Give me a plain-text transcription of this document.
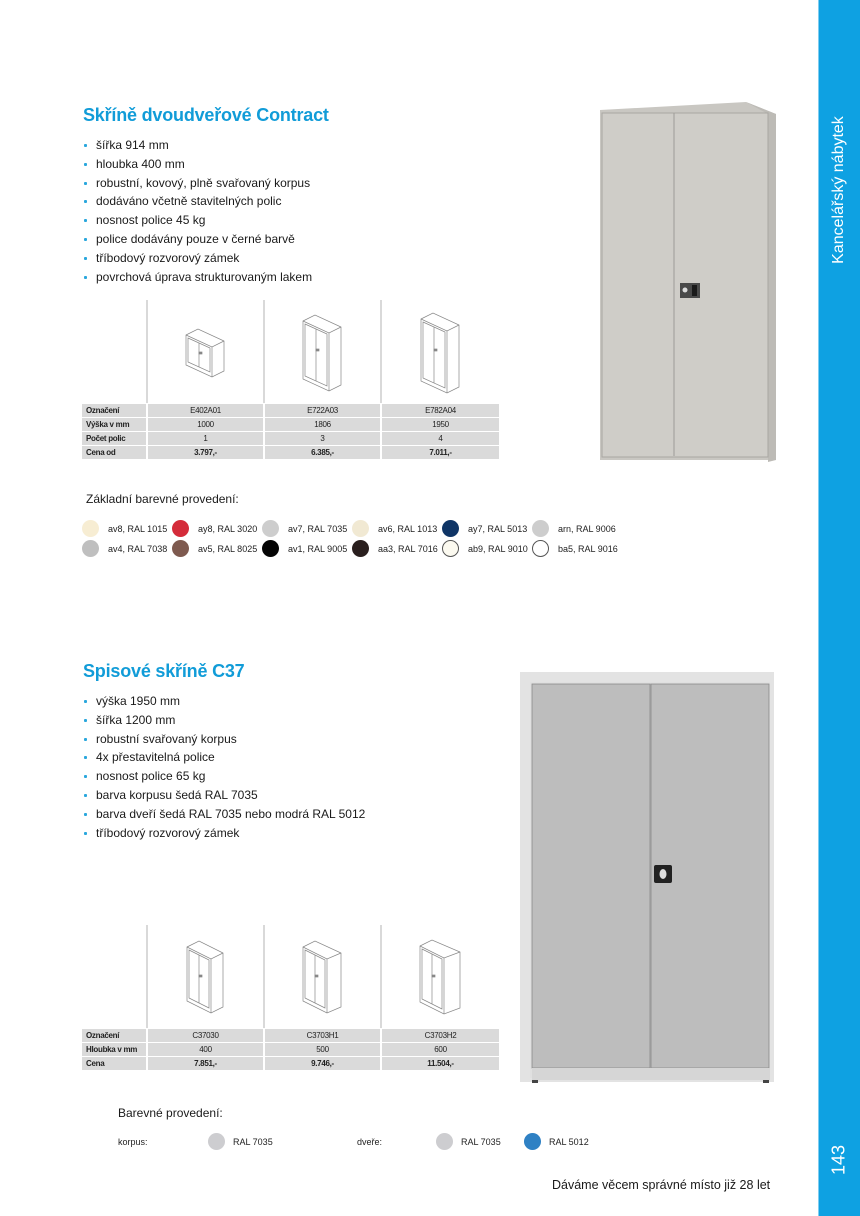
Kancelářský nábytek
143
Skříně dvoudveřové Contract
šířka 914 mm
hloubka 400 mm
robustní, kovový, plně svařovaný korpus
dodáváno včetně stavitelných polic
nosnost police 45 kg
police dodávány pouze v černé barvě
tříbodový rozvorový zámek
povrchová úprava strukturovaným lakem
Označení	E402A01	E722A03	E782A04
Výška v mm	1000	1806	1950
Počet polic	1	3	4
Cena od	3.797,-	6.385,-	7.011,-
Základní barevné provedení:
av8, RAL 1015	ay8, RAL 3020	av7, RAL 7035	av6, RAL 1013	ay7, RAL 5013	arn, RAL 9006
av4, RAL 7038	av5, RAL 8025	av1, RAL 9005	aa3, RAL 7016	ab9, RAL 9010	ba5, RAL 9016
Spisové skříně C37
výška 1950 mm
šířka 1200 mm
robustní svařovaný korpus
4x přestavitelná police
nosnost police 65 kg
barva korpusu šedá RAL 7035
barva dveří šedá RAL 7035 nebo modrá RAL 5012
tříbodový rozvorový zámek
Označení	C37030	C3703H1	C3703H2
Hloubka v mm	400	500	600
Cena	7.851,-	9.746,-	11.504,-
Barevné provedení:
korpus:	RAL 7035	dveře:	RAL 7035	RAL 5012
Dáváme věcem správné místo již 28 let
